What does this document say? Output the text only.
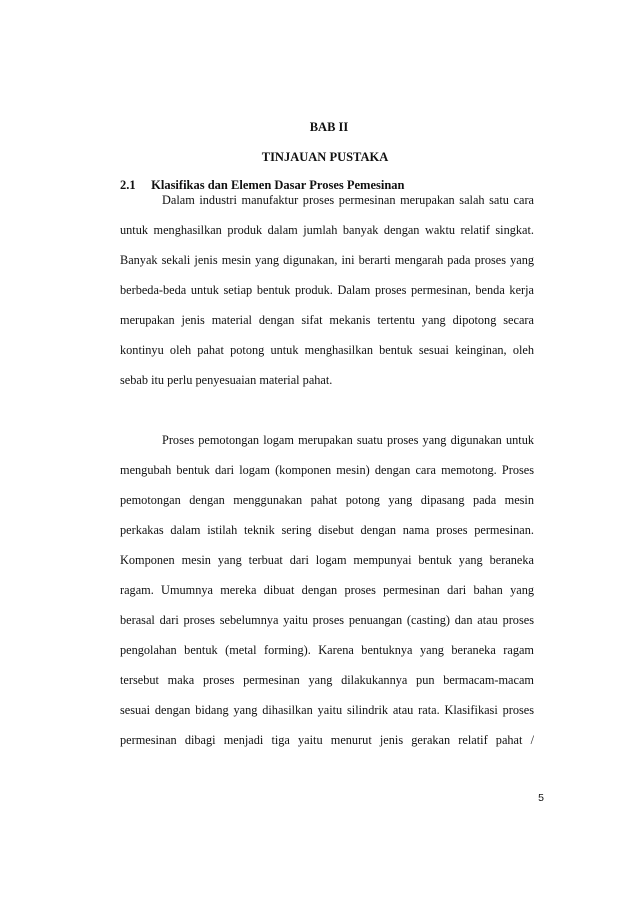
BAB II
TINJAUAN PUSTAKA
2.1 Klasifikas dan Elemen Dasar Proses Pemesinan
Dalam industri manufaktur proses permesinan merupakan salah satu cara
untuk menghasilkan produk dalam jumlah banyak dengan waktu relatif singkat.
Banyak sekali jenis mesin yang digunakan, ini berarti mengarah pada proses yang
berbeda-beda untuk setiap bentuk produk. Dalam proses permesinan, benda kerja
merupakan jenis material dengan sifat mekanis tertentu yang dipotong secara
kontinyu oleh pahat potong untuk menghasilkan bentuk sesuai keinginan, oleh
sebab itu perlu penyesuaian material pahat.
Proses pemotongan logam merupakan suatu proses yang digunakan untuk
mengubah bentuk dari logam (komponen mesin) dengan cara memotong. Proses
pemotongan dengan menggunakan pahat potong yang dipasang pada mesin
perkakas dalam istilah teknik sering disebut dengan nama proses permesinan.
Komponen mesin yang terbuat dari logam mempunyai bentuk yang beraneka
ragam. Umumnya mereka dibuat dengan proses permesinan dari bahan yang
berasal dari proses sebelumnya yaitu proses penuangan (casting) dan atau proses
pengolahan bentuk (metal forming). Karena bentuknya yang beraneka ragam
tersebut maka proses permesinan yang dilakukannya pun bermacam-macam
sesuai dengan bidang yang dihasilkan yaitu silindrik atau rata. Klasifikasi proses
permesinan dibagi menjadi tiga yaitu menurut jenis gerakan relatif pahat /
5
